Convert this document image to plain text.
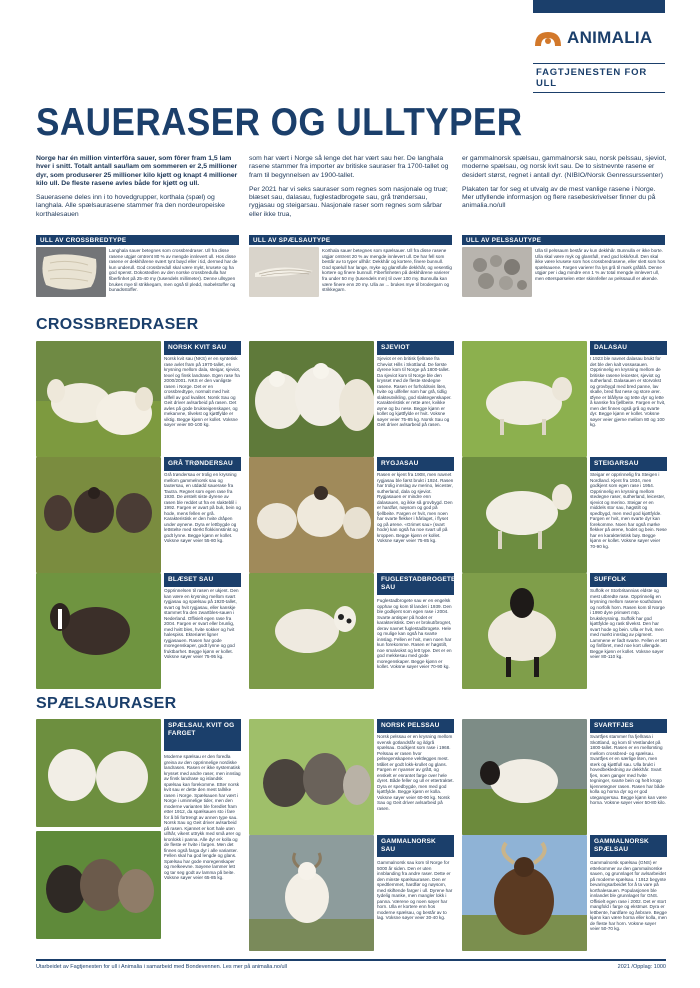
ANIMALIA
FAGTJENESTEN FOR ULL
SAUERASER OG ULLTYPER

Norge har én million vinterfôra sauer, som fôrer fram 1,5 lam hver i snitt. Totalt antall sau/lam om sommeren er 2,5 millioner dyr, som produserer 25 millioner kilo kjøtt og knapt 4 millioner kilo ull. De fleste rasene avles både for kjøtt og ull.

Sauerasene deles inn i to hovedgrupper, korthala (spæl) og langhala. Alle spælsaurasene stammer fra den nordeuropeiske korthalesauen

som har vært i Norge så lenge det har vært sau her. De langhala rasene stammer fra importer av britiske sauraser fra 1700-tallet og fram til begynnelsen av 1900-tallet.

Per 2021 har vi seks sauraser som regnes som nasjonale og truø; blæset sau, dalasau, fuglestadbrogete sau, grå trøndersau, rygjasau og steigarsau. Nasjonale raser som regnes som sårbar eller ikke trua,

er gammalnorsk spælsau, gammalnorsk sau, norsk pelssau, sjeviot, moderne spælsau, og norsk kvit sau. De to sistnevnte rasene er desidert størst, regnet i antall dyr. (NIBIO/Norsk Genressurssenter)

Plakaten tar for seg et utvalg av de mest vanlige rasene i Norge. Mer utfyllende informasjon og flere rasebeskrivelser finner du på animalia.no/ull

ULL AV CROSSBREDTYPE
Langhala sauer betegnes som crossbredraser. Ull fra disse rasene utgjør omtrent 80 % av mengde innlevert ull. Hos disse rasene er dekkhårene svært tynt bøyd eller i tid, dermed har de kun underull. God crossbredull skal være mykt, krusete og ha god spenst. Dokostedlen av den norske crossbredulla har fiberfinhet på 25-40 my (tusendels millimeter). Denne ullsypen brukes mye til strikkegarn, men også til pledd, møbelstoffer og bunadsstoffer.
ULL AV SPÆLSAUTYPE
Korthala sauer betegnes som spælsauer. Ull fra disse rasene utgjør omtrent 20 % av mengde innlevert ull. De har fell som består av to typer ullhår: Dekkhår og kortere, finere bunnull. God spælull har lange, myke og glansfulle dekkhår, og vesentlig kortere og finere bunnull. Fiberfinheten på dekkhårene varierer fra under 50 my (tusendels mm) til over 100 my. Bunnulla kan være finere enn 20 my. Ulla av ... brukes mye til brodergarn og strikkegarn.
ULL AV PELSSAUTYPE
Ulla til pelssaum består av kun dekkhår. Bunnulla er ikke borte. Ulla skal være myk og glansfull, med god lokk/krull. Den skal ikke være krusete som hos crossbredrasene, eller slett som hos spælsauene. Fargen varierer fra lys grå til mørk gråblå. Denne utgjør per i dag mindre enn 1 % av total mengde innlevert ull, men etterspørselen etter skinnfeller av pelssauull er økende.
CROSSBREDRASER
NORSK KVIT SAU
Norsk kvit sau (NKS) er en syntetisk rase avlet fram på 1970-tallet, en krysning mellom dala, steigar, sjeviot, texel og finsk landrase. Egen rase fra 2000/2001. NKS er den vanligste rasen i Norge. Det er en crossbredtype, normalt med hvit ullfell av god kvalitet. Norsk Sau og Geit driver avlsarbeid på rasen. Det avles på gode brukseigenskaper, og mekanvne, tilvekst og kjøttfylde er viktig. Begge kjønn er kollet. Voksne søyer veier 80-100 kg.
SJEVIOT
Sjeviot er en britisk fjellrase fra Cheviot Hills i Skottland. De første dyrene kom til Norge på 1800-tallet. Da sjeviot kom til Norge ble den krysset med de fleste stedegne rasene. Rasen er forholdsvis liten, hvite og ullfeller som har grå, tidlig slakteutvikling, god slaktegenskaper. Karakteristisk er rette ører, kvikke øyne og bu nese. Begge kjønn er kollet og kjøttfylde er hvit. Voksne søyer veier 75-85 kg. Norsk Sau og Geit driver avlsarbeid på rasen.
DALASAU
I 1923 ble navnet dalasau brukt for det ble den kalt vossasauen. Opprinnelig en krysning mellom de britiske rasene leicester, sjeviot og sutherland. Dalasauen er storvokst og grovbygd med bred panne, lav skalle, bred flat nese og store ører. Øyne er blå/lyse og tette dyr og lette å kanske fra fjellbeite. Fargen er hvit, men det finnes også grå og svarte dyr. Begge kjønn er kollet. Voksne søyer veier gjerne mellom 80 og 100 kg.
GRÅ TRØNDERSAU
Grå trøndersau er trolig en krysning mellom gammelnorsk sau og tautersau, en utdødd sauerase fra Tautra. Regnet som egen rase fra 1930. De ørstelt siste dyrene av rasen ble reddet ut fra en slakteblil i 1992. Fargen er avart på buk, bein og hode, mens fellen er grå. Karakteristisk er den hvite dråpen under øynene. Dyra er lettbygde og lettstelte med sterkt flokkinnstinkt og godt lynne. Begge kjønn er kollet. Voksne søyer veier 55-80 kg.
RYGJASAU
Rasen er kjent fra 1908, men navnet rygjasau ble først brukt i 1924. Rasen har trolig innslag av merino, leicester, sutherland, dala og sjeviot. Rygjasauen er mindre enn dalasauen, og ikke så grovbygd. Den er hardfør, nøysom og god på fjellbeite. Fargen er hvit, men noen har svarte flekker i hårlaget, i flyset og på ørene. «Grimet sau» (svart hode) kan også ha noe svart ull på kroppen. Begge kjønn er kollet. Voksne søyer veier 75-85 kg.
STEIGARSAU
Steigar er opprinnelig fra Steigen i Nordland. Kjent fra 1934, men godkjent som egen rase i 1954. Opprinnelig en krysning mellom stedegne raser, sutherland, leicester, sjeviot og merino. Steigar er en middels stor sau, høgstilt og spedbygd, men med god kjøttfylde. Fargen er hvit, men svarte dyr kan forekomme. Noen har også mørke flekker på ørene, hodet og bein. Nese har en karakteristisk bøy. Begge kjønn er kollet. Voksne søyer veier 70-90 kg.
BLÆSET SAU
Opprinnelsen til rasen er ukjent. Den kan være en krysning mellom svart rygjasau og spælsau på 1920-tallet, svart og hvit rygjasau, eller kanskje stammet fra den zwartbles-sauen i Nederland. Offisielt egen rase fra 2004. Fargen er svart eller brunlig, med hvitt bles, hvite sokker og hvit halespiss. Ekteriøret ligner rygjasauen. Rasen har gode moregenskaper, godt lynne og god fruktbarhet. Begge kjønn er kollet. Voksne søyer veier 75-95 kg.
FUGLESTADBROGETE SAU
Fuglestadbrogete sau er en engelsk opphav og kom til landet i 1939. Den ble godkjent som egen rase i 2004. Svarte antisper på hodet er karakteristisk. Den er brokut/brogret, derav navnet fuglestadbrogete. Hele og mulige kan også ha svarte innslag. Fellen er hvit, men noen har kun forekomme. Rasen er høgstilt, noe smalvokst og lett type. Det er en god mekkesau med gode moregenskaper. Begge kjønn er kollet. Voksne søyer veier 70-90 kg.
SUFFOLK
Suffolk er Storbritannias eldste og mest utbredte rase. Opprinnelig en krysning mellom rasene southdown og norfolk horn. Rasen kom til Norge i 1990 dyre primært mtp. brukskrysning. Suffolk har god kjøttfylde og rask tilvekst. Den har svart hode og bein. Ulla er hvit, men med mørkt innslag av pigment. Lammene er født svarte. Fellen er tett og finfibret, med noe kort ullengde. Begge kjønn er kollet. Voksne søyer veier 80-110 kg.
SPÆLSAURASER
SPÆLSAU, KVIT OG FARGET
Moderne spælsau er den foredla greina av den opprinnelige nordiske landrasen. Rasen er ikke systematisk krysset med andre raser, men innslag av finsk landrase og islandsk spælsau kan forekomme. Etter norsk kvit sau er dette den mest tallrike rasen i Norge. Spælsauen har vært i Norge i uminnelige tider, men den moderne varianten ble foredlet fram etter 1912, da spælsauen sto i fare for å bli fortrengt av annen type sau. Norsk Sau og Geit driver avlsarbeid på rasen. Kjønnet er kort hale uten ullhår, vikent uttrykk med små ører og kronlokk i panna. Alle dyr er kolla og de fleste er hvite i fargen. Men det finnes også farga dyr i alle varianter. Fellen skal ha god lengde og glans. Spælsau har gode moregenskaper og melkeevne. Søyene lammer lett og tar seg godt av lamma på beite. Voksne søyer veier 65-85 kg.
NORSK PELSSAU
Norsk pelssau er en krysning mellom svensk gotlandsfår og ildgrå spælsau. Godkjent som rase i 1968. Pelssau er rasen hvor pelsegenskapene vektlegges mest. Målet er godt lokk-krullet og glans. Fargen er nyanser av grått, og enskelt er enrantet farge over hele dyret. Både feller og ull er ettertraktet. Dyra er spedbygde, men med god kjøttfylde. Begge kjønn er kolla. Voksne søyer veier 60-90 kg. Norsk Sau og Geit driver avlsarbeid på rasen.
SVARTFJES
Svartfjes stammer fra fjellrasa i Skottland, og kom til Vestlandet på 1800-tallet. Rasen er en mellomting mellom crossbred- og spælsau. Svartfjes er en særlige liten, men sterk og kjøttfull sau. Ulla brukt i hovedbekledning av dekkhår. Svart fjes, noen ganger med hvite tegninger, svarte bein og helt kropp kjennetegner rasen. Rasen har både kolla og horna dyr og er god utegangersau. Begge kjønn kan være horna. Voksne søyer veier 50-80 kilo.
GAMMALNORSK SAU
Gammalnorsk sau kom til Norge for 5000 år siden. Den er uten innblanding fra andre raser. Dette er den minste spælsaurasen. Den er spedtlemmet, hardfør og nøysom, med skiftende farger i ull. Dyrene har tydelig manke, men mangler lokk i panna. Værene og noen søyer har horn. Ulla er kortere enn hos moderne spælsau, og består av to lag. Voksne søyer veier 30-40 kg.
GAMMALNORSK SPÆLSAU
Gammalnorsk spælsau (GNS) er etterkommer av den gammalnorske sauen, og grunnlaget for avlsarbeidet på moderne spælsau. I 1912 begynte bevaringsarbeidet for å ta vare på korthalesauen. Populasjonen ble innlandet ble grunnlaget for GNS. Offisielt egen rase i 2002. Det er stort mangfold i farge og ekstmør. Dyra er lettbente, hardføre og ånbrare. Begge kjønn kan være horna eller kolla, men de fleste har horn. Voksne søyer veier 50-70 kg.
Utarbeidet av Fagtjenesten for ull i Animalia i samarbeid med Bondevennen. Les mer på animalia.no/ull	2021 /Opplag: 1000
